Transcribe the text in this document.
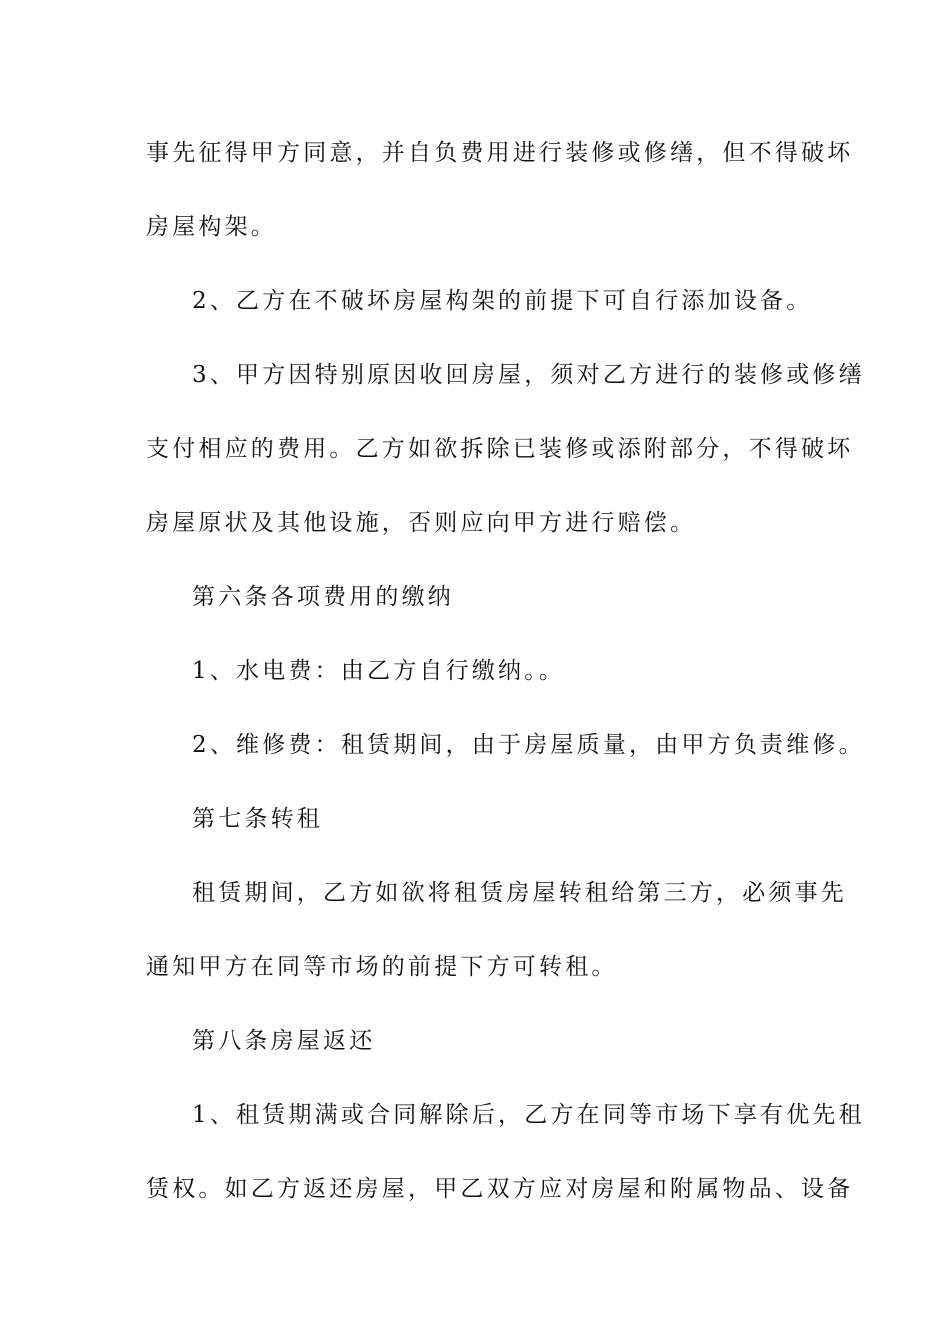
事先征得甲方同意，并自负费用进行装修或修缮，但不得破坏
房屋构架。
2、乙方在不破坏房屋构架的前提下可自行添加设备。
3、甲方因特别原因收回房屋，须对乙方进行的装修或修缮
支付相应的费用。乙方如欲拆除已装修或添附部分，不得破坏
房屋原状及其他设施，否则应向甲方进行赔偿。
第六条各项费用的缴纳
1、水电费：由乙方自行缴纳。。
2、维修费：租赁期间，由于房屋质量，由甲方负责维修。
第七条转租
租赁期间，乙方如欲将租赁房屋转租给第三方，必须事先
通知甲方在同等市场的前提下方可转租。
第八条房屋返还
1、租赁期满或合同解除后，乙方在同等市场下享有优先租
赁权。如乙方返还房屋，甲乙双方应对房屋和附属物品、设备
